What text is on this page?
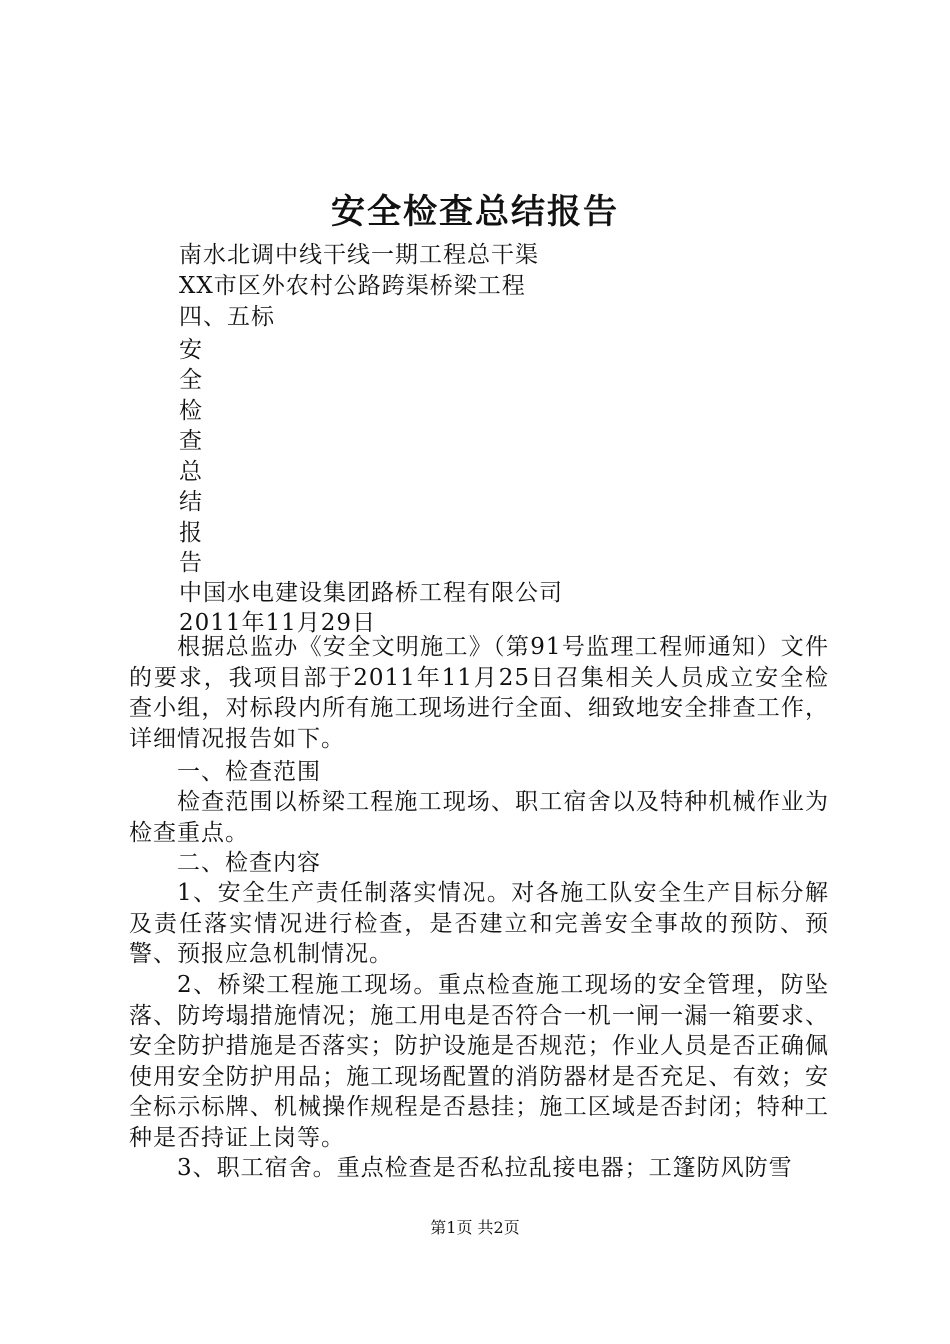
安全检查总结报告
南水北调中线干线一期工程总干渠
XX市区外农村公路跨渠桥梁工程
四、五标
安
全
检
查
总
结
报
告
中国水电建设集团路桥工程有限公司
2011年11月29日
根据总监办《安全文明施工》（第91号监理工程师通知）文件的要求，我项目部于2011年11月25日召集相关人员成立安全检查小组，对标段内所有施工现场进行全面、细致地安全排查工作，详细情况报告如下。
一、检查范围
检查范围以桥梁工程施工现场、职工宿舍以及特种机械作业为检查重点。
二、检查内容
1、安全生产责任制落实情况。对各施工队安全生产目标分解及责任落实情况进行检查，是否建立和完善安全事故的预防、预警、预报应急机制情况。
2、桥梁工程施工现场。重点检查施工现场的安全管理，防坠落、防垮塌措施情况；施工用电是否符合一机一闸一漏一箱要求、安全防护措施是否落实；防护设施是否规范；作业人员是否正确佩使用安全防护用品；施工现场配置的消防器材是否充足、有效；安全标示标牌、机械操作规程是否悬挂；施工区域是否封闭；特种工种是否持证上岗等。
3、职工宿舍。重点检查是否私拉乱接电器；工篷防风防雪
第1页 共2页
